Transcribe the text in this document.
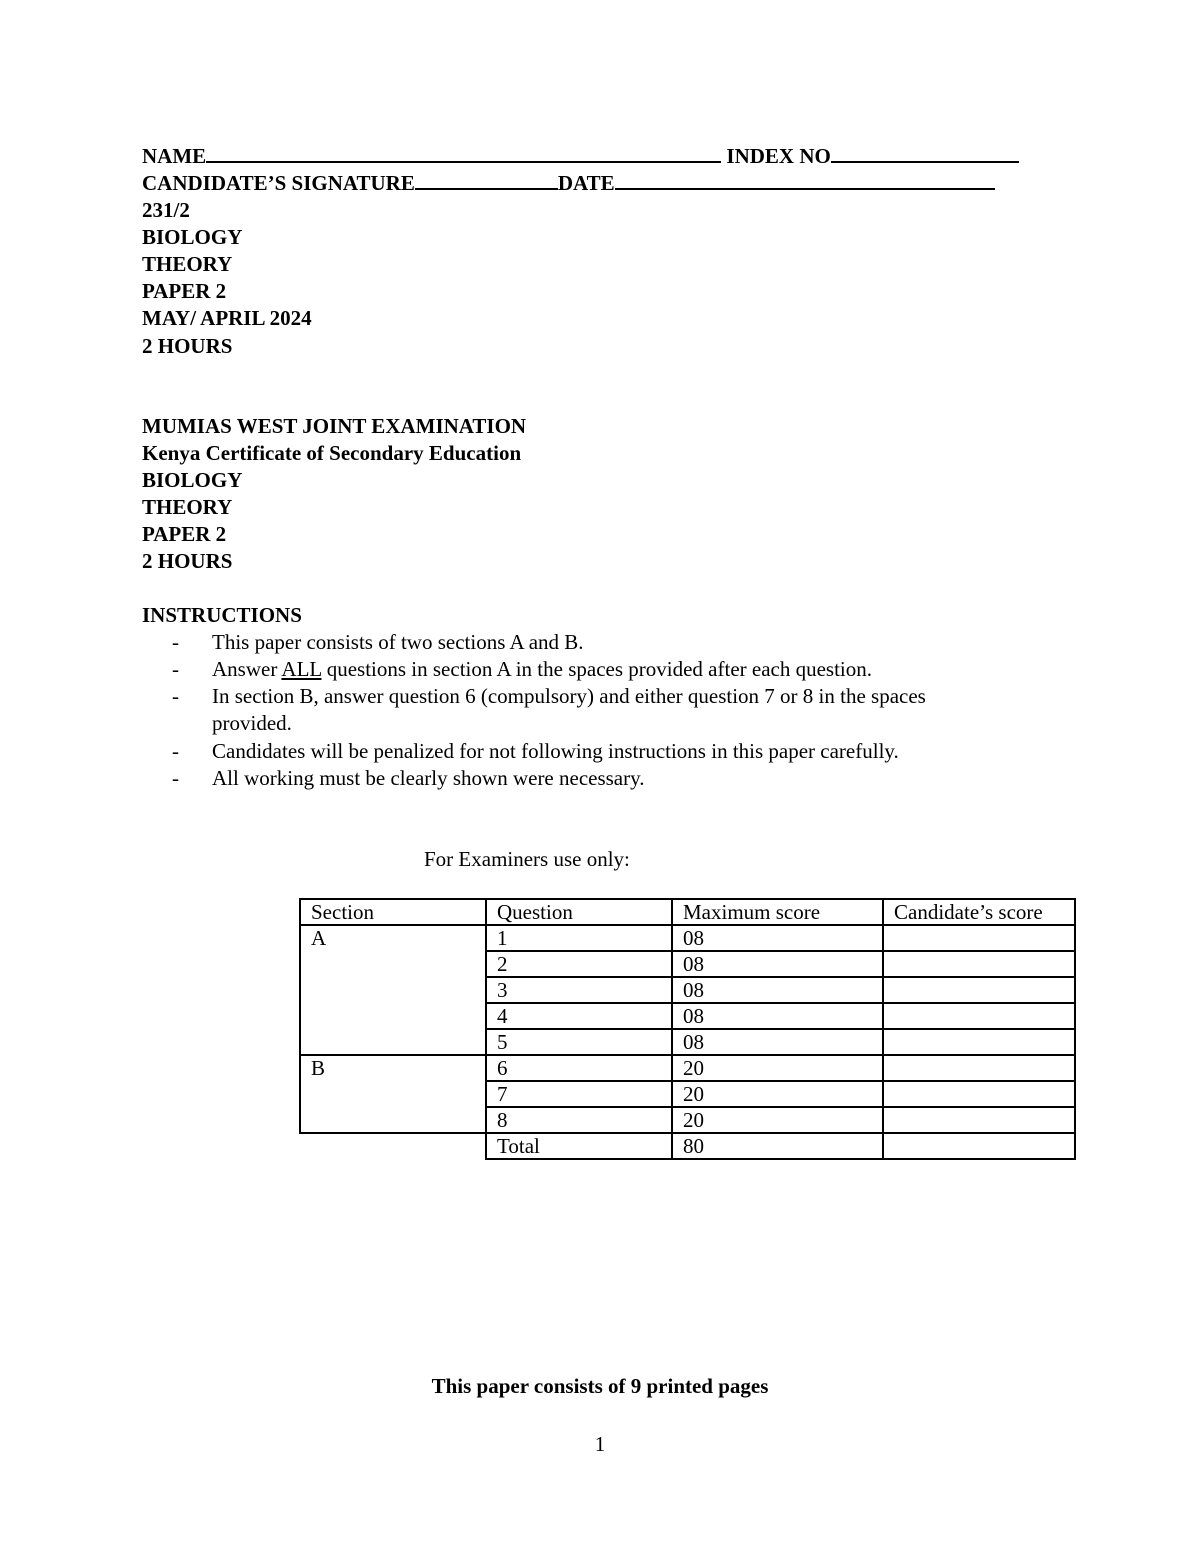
NAME	INDEX NO
CANDIDATE’S SIGNATURE	DATE
231/2
BIOLOGY
THEORY
PAPER 2
MAY/ APRIL 2024
2 HOURS
MUMIAS WEST JOINT EXAMINATION
Kenya Certificate of Secondary Education
BIOLOGY
THEORY
PAPER 2
2 HOURS
INSTRUCTIONS
- This paper consists of two sections A and B.
- Answer ALL questions in section A in the spaces provided after each question.
- In section B, answer question 6 (compulsory) and either question 7 or 8 in the spaces
provided.
- Candidates will be penalized for not following instructions in this paper carefully.
- All working must be clearly shown were necessary.
For Examiners use only:
Section	Question	Maximum score	Candidate’s score
A	1	08	
	2	08	
	3	08	
	4	08	
	5	08	
B	6	20	
	7	20	
	8	20	
	Total	80	
This paper consists of 9 printed pages
1
